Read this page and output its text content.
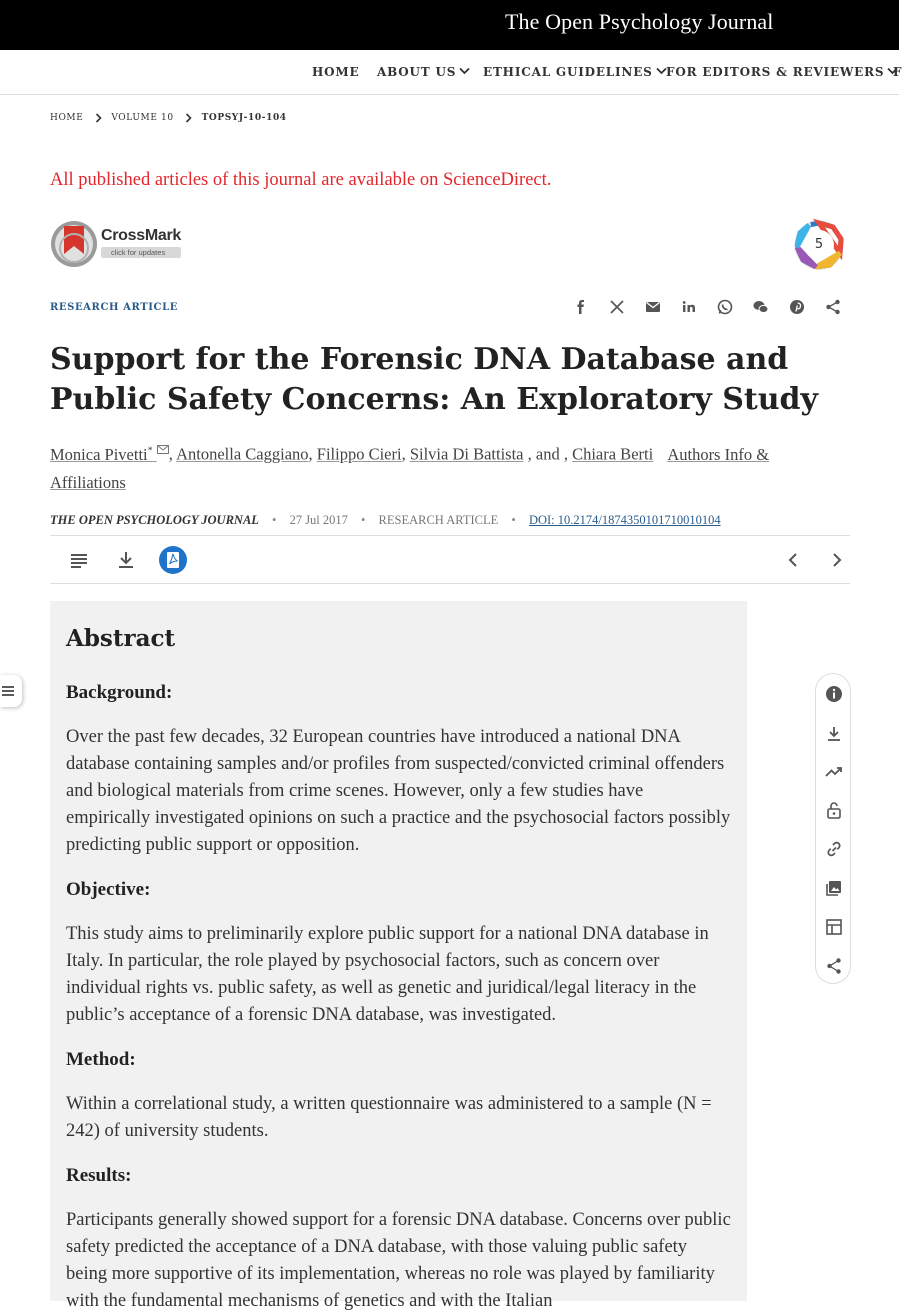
The Open Psychology Journal
HOME ABOUT US	ETHICAL GUIDELINES	FOR EDITORS & REVIEWERS F
HOME	VOLUME 10	TOPSYJ-10-104
All published articles of this journal are available on ScienceDirect.
CrossMark
click for updates
5
RESEARCH ARTICLE
Support for the Forensic DNA Database and Public Safety Concerns: An Exploratory Study
Monica Pivetti* , Antonella Caggiano, Filippo Cieri, Silvia Di Battista , and , Chiara Berti Authors Info & Affiliations
THE OPEN PSYCHOLOGY JOURNAL • 27 Jul 2017 • RESEARCH ARTICLE • DOI: 10.2174/1874350101710010104
Abstract
Background:

Over the past few decades, 32 European countries have introduced a national DNA database containing samples and/or profiles from suspected/convicted criminal offenders and biological materials from crime scenes. However, only a few studies have empirically investigated opinions on such a practice and the psychosocial factors possibly predicting public support or opposition.

Objective:

This study aims to preliminarily explore public support for a national DNA database in Italy. In particular, the role played by psychosocial factors, such as concern over individual rights vs. public safety, as well as genetic and juridical/legal literacy in the public’s acceptance of a forensic DNA database, was investigated.

Method:

Within a correlational study, a written questionnaire was administered to a sample (N = 242) of university students.

Results:

Participants generally showed support for a forensic DNA database. Concerns over public safety predicted the acceptance of a DNA database, with those valuing public safety being more supportive of its implementation, whereas no role was played by familiarity with the fundamental mechanisms of genetics and with the Italian
